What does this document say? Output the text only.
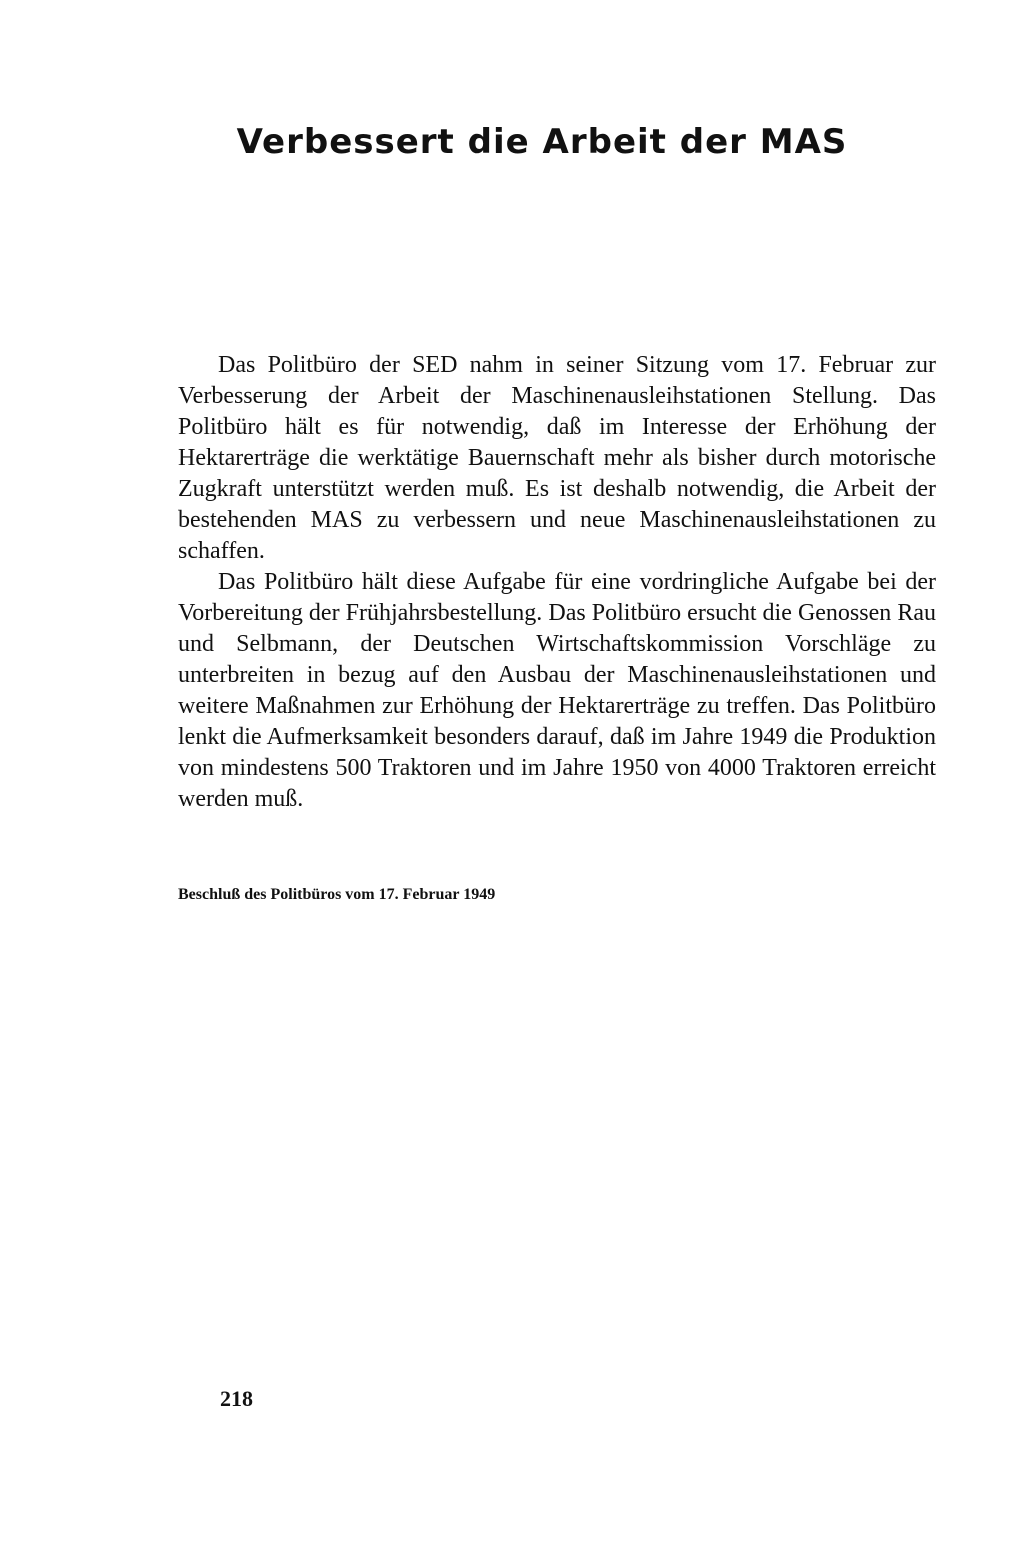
Verbessert die Arbeit der MAS

Das Politbüro der SED nahm in seiner Sitzung vom 17. Februar zur Verbesserung der Arbeit der Maschinenausleihstationen Stellung. Das Politbüro hält es für notwendig, daß im Interesse der Erhöhung der Hektarerträge die werktätige Bauernschaft mehr als bisher durch motorische Zugkraft unterstützt werden muß. Es ist deshalb notwendig, die Arbeit der bestehenden MAS zu verbessern und neue Maschinenausleihstationen zu schaffen.

Das Politbüro hält diese Aufgabe für eine vordringliche Aufgabe bei der Vorbereitung der Frühjahrsbestellung. Das Politbüro ersucht die Genossen Rau und Selbmann, der Deutschen Wirtschaftskommission Vorschläge zu unterbreiten in bezug auf den Ausbau der Maschinenausleihstationen und weitere Maßnahmen zur Erhöhung der Hektarerträge zu treffen. Das Politbüro lenkt die Aufmerksamkeit besonders darauf, daß im Jahre 1949 die Produktion von mindestens 500 Traktoren und im Jahre 1950 von 4000 Traktoren erreicht werden muß.

Beschluß des Politbüros vom 17. Februar 1949
218
